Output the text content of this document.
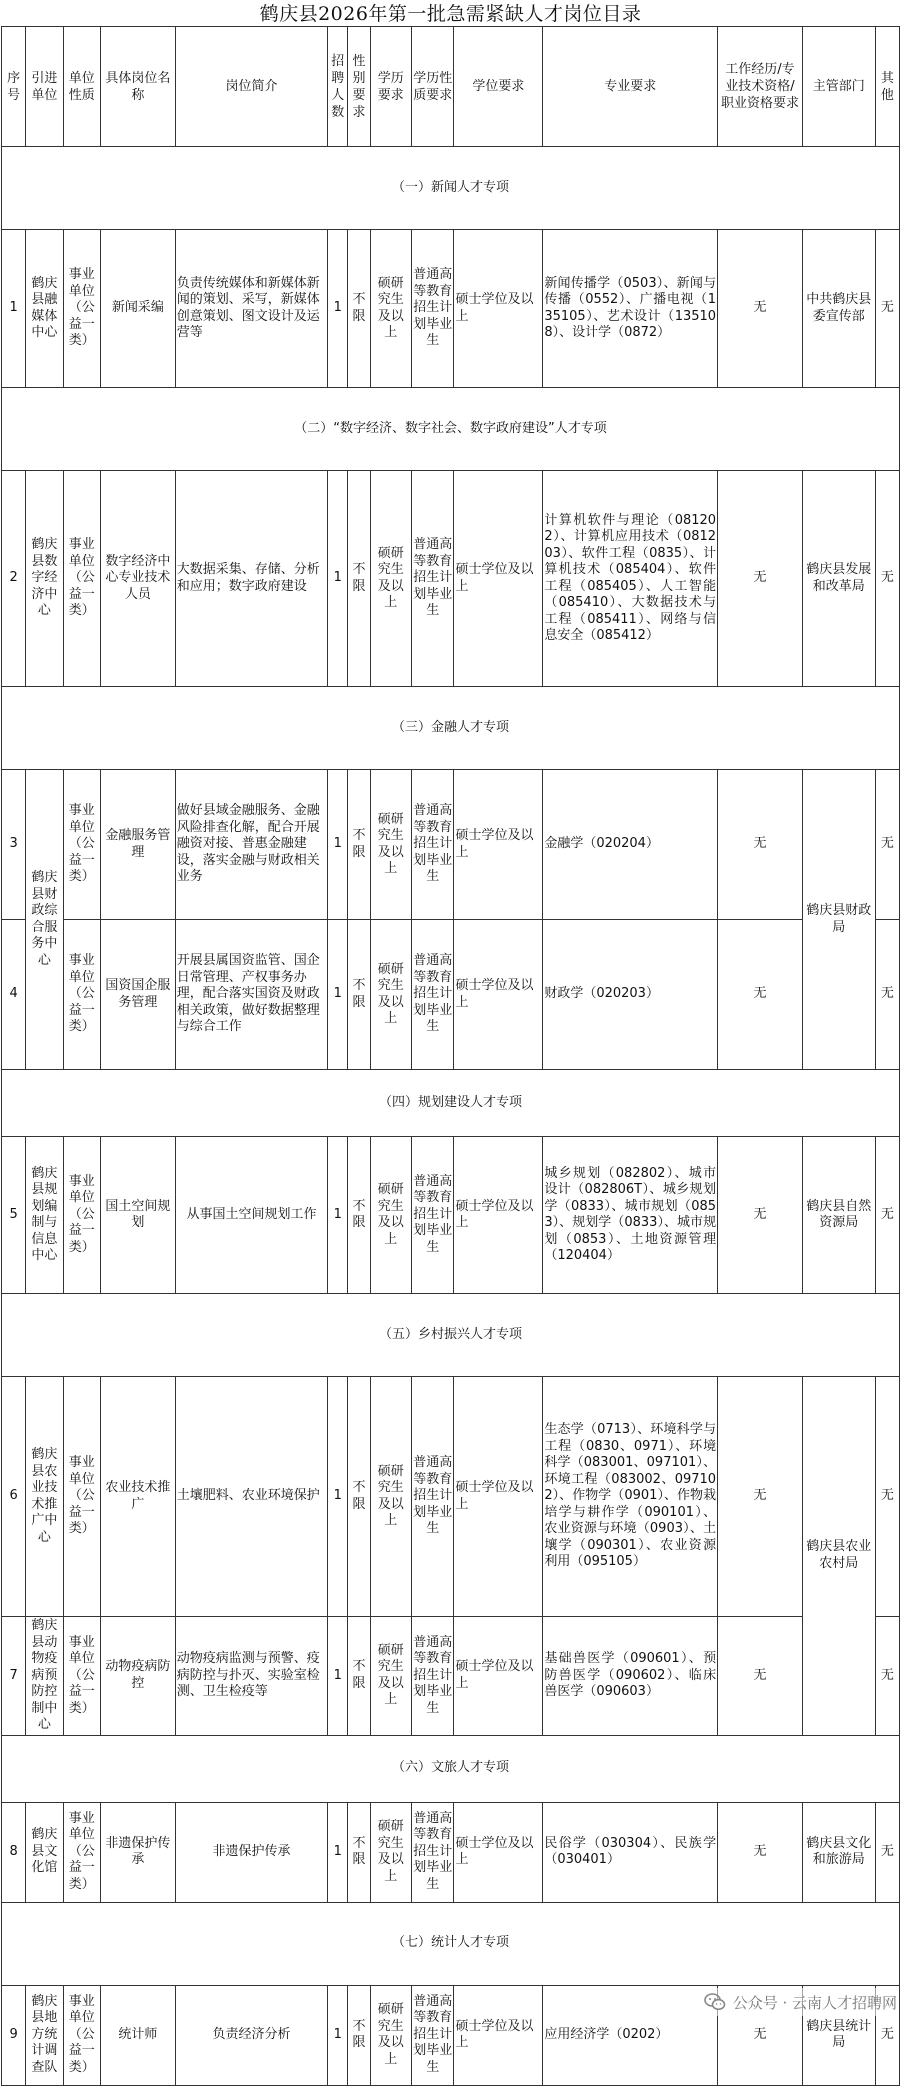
鹤庆县2026年第一批急需紧缺人才岗位目录
序号	引进单位	单位性质	具体岗位名称	岗位简介	招聘人数	性别要求	学历要求	学历性质要求	学位要求	专业要求	工作经历/专业技术资格/职业资格要求	主管部门	其他
（一）新闻人才专项													
1	鹤庆县融媒体中心	事业单位（公益一类）	新闻采编	负责传统媒体和新媒体新闻的策划、采写，新媒体创意策划、图文设计及运营等	1	不限	硕研究生及以上	普通高等教育招生计划毕业生	硕士学位及以上	新闻传播学（0503）、新闻与传播（0552）、广播电视（135105）、艺术设计（135108）、设计学（0872）	无	中共鹤庆县委宣传部	无
（二）“数字经济、数字社会、数字政府建设”人才专项													
2	鹤庆县数字经济中心	事业单位（公益一类）	数字经济中心专业技术人员	大数据采集、存储、分析和应用；数字政府建设	1	不限	硕研究生及以上	普通高等教育招生计划毕业生	硕士学位及以上	计算机软件与理论（081202）、计算机应用技术（081203）、软件工程（0835）、计算机技术（085404）、软件工程（085405）、人工智能（085410）、大数据技术与工程（085411）、网络与信息安全（085412）	无	鹤庆县发展和改革局	无
（三）金融人才专项													
3	鹤庆县财政综合服务中心	事业单位（公益一类）	金融服务管理	做好县域金融服务、金融风险排查化解，配合开展融资对接、普惠金融建设，落实金融与财政相关业务	1	不限	硕研究生及以上	普通高等教育招生计划毕业生	硕士学位及以上	金融学（020204）	无	鹤庆县财政局	无
4		事业单位（公益一类）	国资国企服务管理	开展县属国资监管、国企日常管理、产权事务办理，配合落实国资及财政相关政策，做好数据整理与综合工作	1	不限	硕研究生及以上	普通高等教育招生计划毕业生	硕士学位及以上	财政学（020203）	无		无
（四）规划建设人才专项													
5	鹤庆县规划编制与信息中心	事业单位（公益一类）	国土空间规划	从事国土空间规划工作	1	不限	硕研究生及以上	普通高等教育招生计划毕业生	硕士学位及以上	城乡规划（082802）、城市设计（082806T）、城乡规划学（0833）、城市规划（0853）、规划学（0833）、城市规划（0853）、土地资源管理（120404）	无	鹤庆县自然资源局	无
（五）乡村振兴人才专项													
6	鹤庆县农业技术推广中心	事业单位（公益一类）	农业技术推广	土壤肥料、农业环境保护	1	不限	硕研究生及以上	普通高等教育招生计划毕业生	硕士学位及以上	生态学（0713）、环境科学与工程（0830、0971）、环境科学（083001、097101）、环境工程（083002、097102）、作物学（0901）、作物栽培学与耕作学（090101）、农业资源与环境（0903）、土壤学（090301）、农业资源利用（095105）	无	鹤庆县农业农村局	无
7	鹤庆县动物疫病预防控制中心	事业单位（公益一类）	动物疫病防控	动物疫病监测与预警、疫病防控与扑灭、实验室检测、卫生检疫等	1	不限	硕研究生及以上	普通高等教育招生计划毕业生	硕士学位及以上	基础兽医学（090601）、预防兽医学（090602）、临床兽医学（090603）	无		无
（六）文旅人才专项													
8	鹤庆县文化馆	事业单位（公益一类）	非遗保护传承	非遗保护传承	1	不限	硕研究生及以上	普通高等教育招生计划毕业生	硕士学位及以上	民俗学（030304）、民族学（030401）	无	鹤庆县文化和旅游局	无
（七）统计人才专项													
9	鹤庆县地方统计调查队	事业单位（公益一类）	统计师	负责经济分析	1	不限	硕研究生及以上	普通高等教育招生计划毕业生	硕士学位及以上	应用经济学（0202）	无	鹤庆县统计局	无
公众号 · 云南人才招聘网
